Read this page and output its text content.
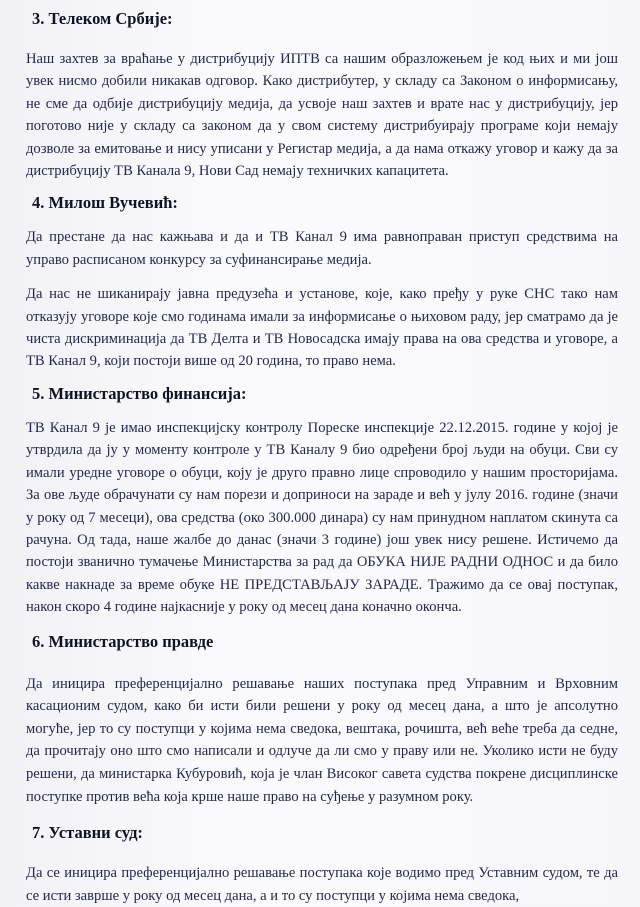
3. Телеком Србије:

Наш захтев за враћање у дистрибуцију ИПТВ са нашим образложењем је код њих и ми још увек нисмо добили никакав одговор. Како дистрибутер, у складу са Законом о информисању, не сме да одбије дистрибуцију медија, да усвоје наш захтев и врате нас у дистрибуцију, јер поготово није у складу са законом да у свом систему дистрибуирају програме који немају дозволе за емитовање и нису уписани у Регистар медија, а да нама откажу уговор и кажу да за дистрибуцију ТВ Канала 9, Нови Сад немају техничких капацитета.

4. Милош Вучевић:

Да престане да нас кажњава и да и ТВ Канал 9 има равноправан приступ средствима на управо расписаном конкурсу за суфинансирање медија.

Да нас не шиканирају јавна предузећа и установе, које, како пређу у руке СНС тако нам отказују уговоре које смо годинама имали за информисање о њиховом раду, јер сматрамо да је чиста дискриминација да ТВ Делта и ТВ Новосадска имају права на ова средства и уговоре, а ТВ Канал 9, који постоји више од 20 година, то право нема.

5. Министарство финансија:

ТВ Канал 9 је имао инспекцијску контролу Пореске инспекције 22.12.2015. године у којој је утврдила да ју у моменту контроле у ТВ Каналу 9 био одређени број људи на обуци. Сви су имали уредне уговоре о обуци, коју је друго правно лице спроводило у нашим просторијама. За ове људе обрачунати су нам порези и доприноси на зараде и већ у јулу 2016. године (значи у року од 7 месеци), ова средства (око 300.000 динара) су нам принудном наплатом скинута са рачуна. Од тада, наше жалбе до данас (значи 3 године) још увек нису решене. Истичемо да постоји званично тумачење Министарства за рад да ОБУКА НИЈЕ РАДНИ ОДНОС и да било какве накнаде за време обуке НЕ ПРЕДСТАВЉАЈУ ЗАРАДЕ. Тражимо да се овај поступак, након скоро 4 године најкасније у року од месец дана коначно оконча.

6. Министарство правде

Да иницира преференцијално решавање наших поступака пред Управним и Врховним касационим судом, како би исти били решени у року од месец дана, а што је апсолутно могуће, јер то су поступци у којима нема сведока, вештака, рочишта, већ веће треба да седне, да прочитају оно што смо написали и одлуче да ли смо у праву или не. Уколико исти не буду решени, да министарка Кубуровић, која је члан Високог савета судства покрене дисциплинске поступке против већа која крше наше право на суђење у разумном року.

7. Уставни суд:

Да се иницира преференцијално решавање поступака које водимо пред Уставним судом, те да се исти заврше у року од месец дана, а и то су поступци у којима нема сведока,
